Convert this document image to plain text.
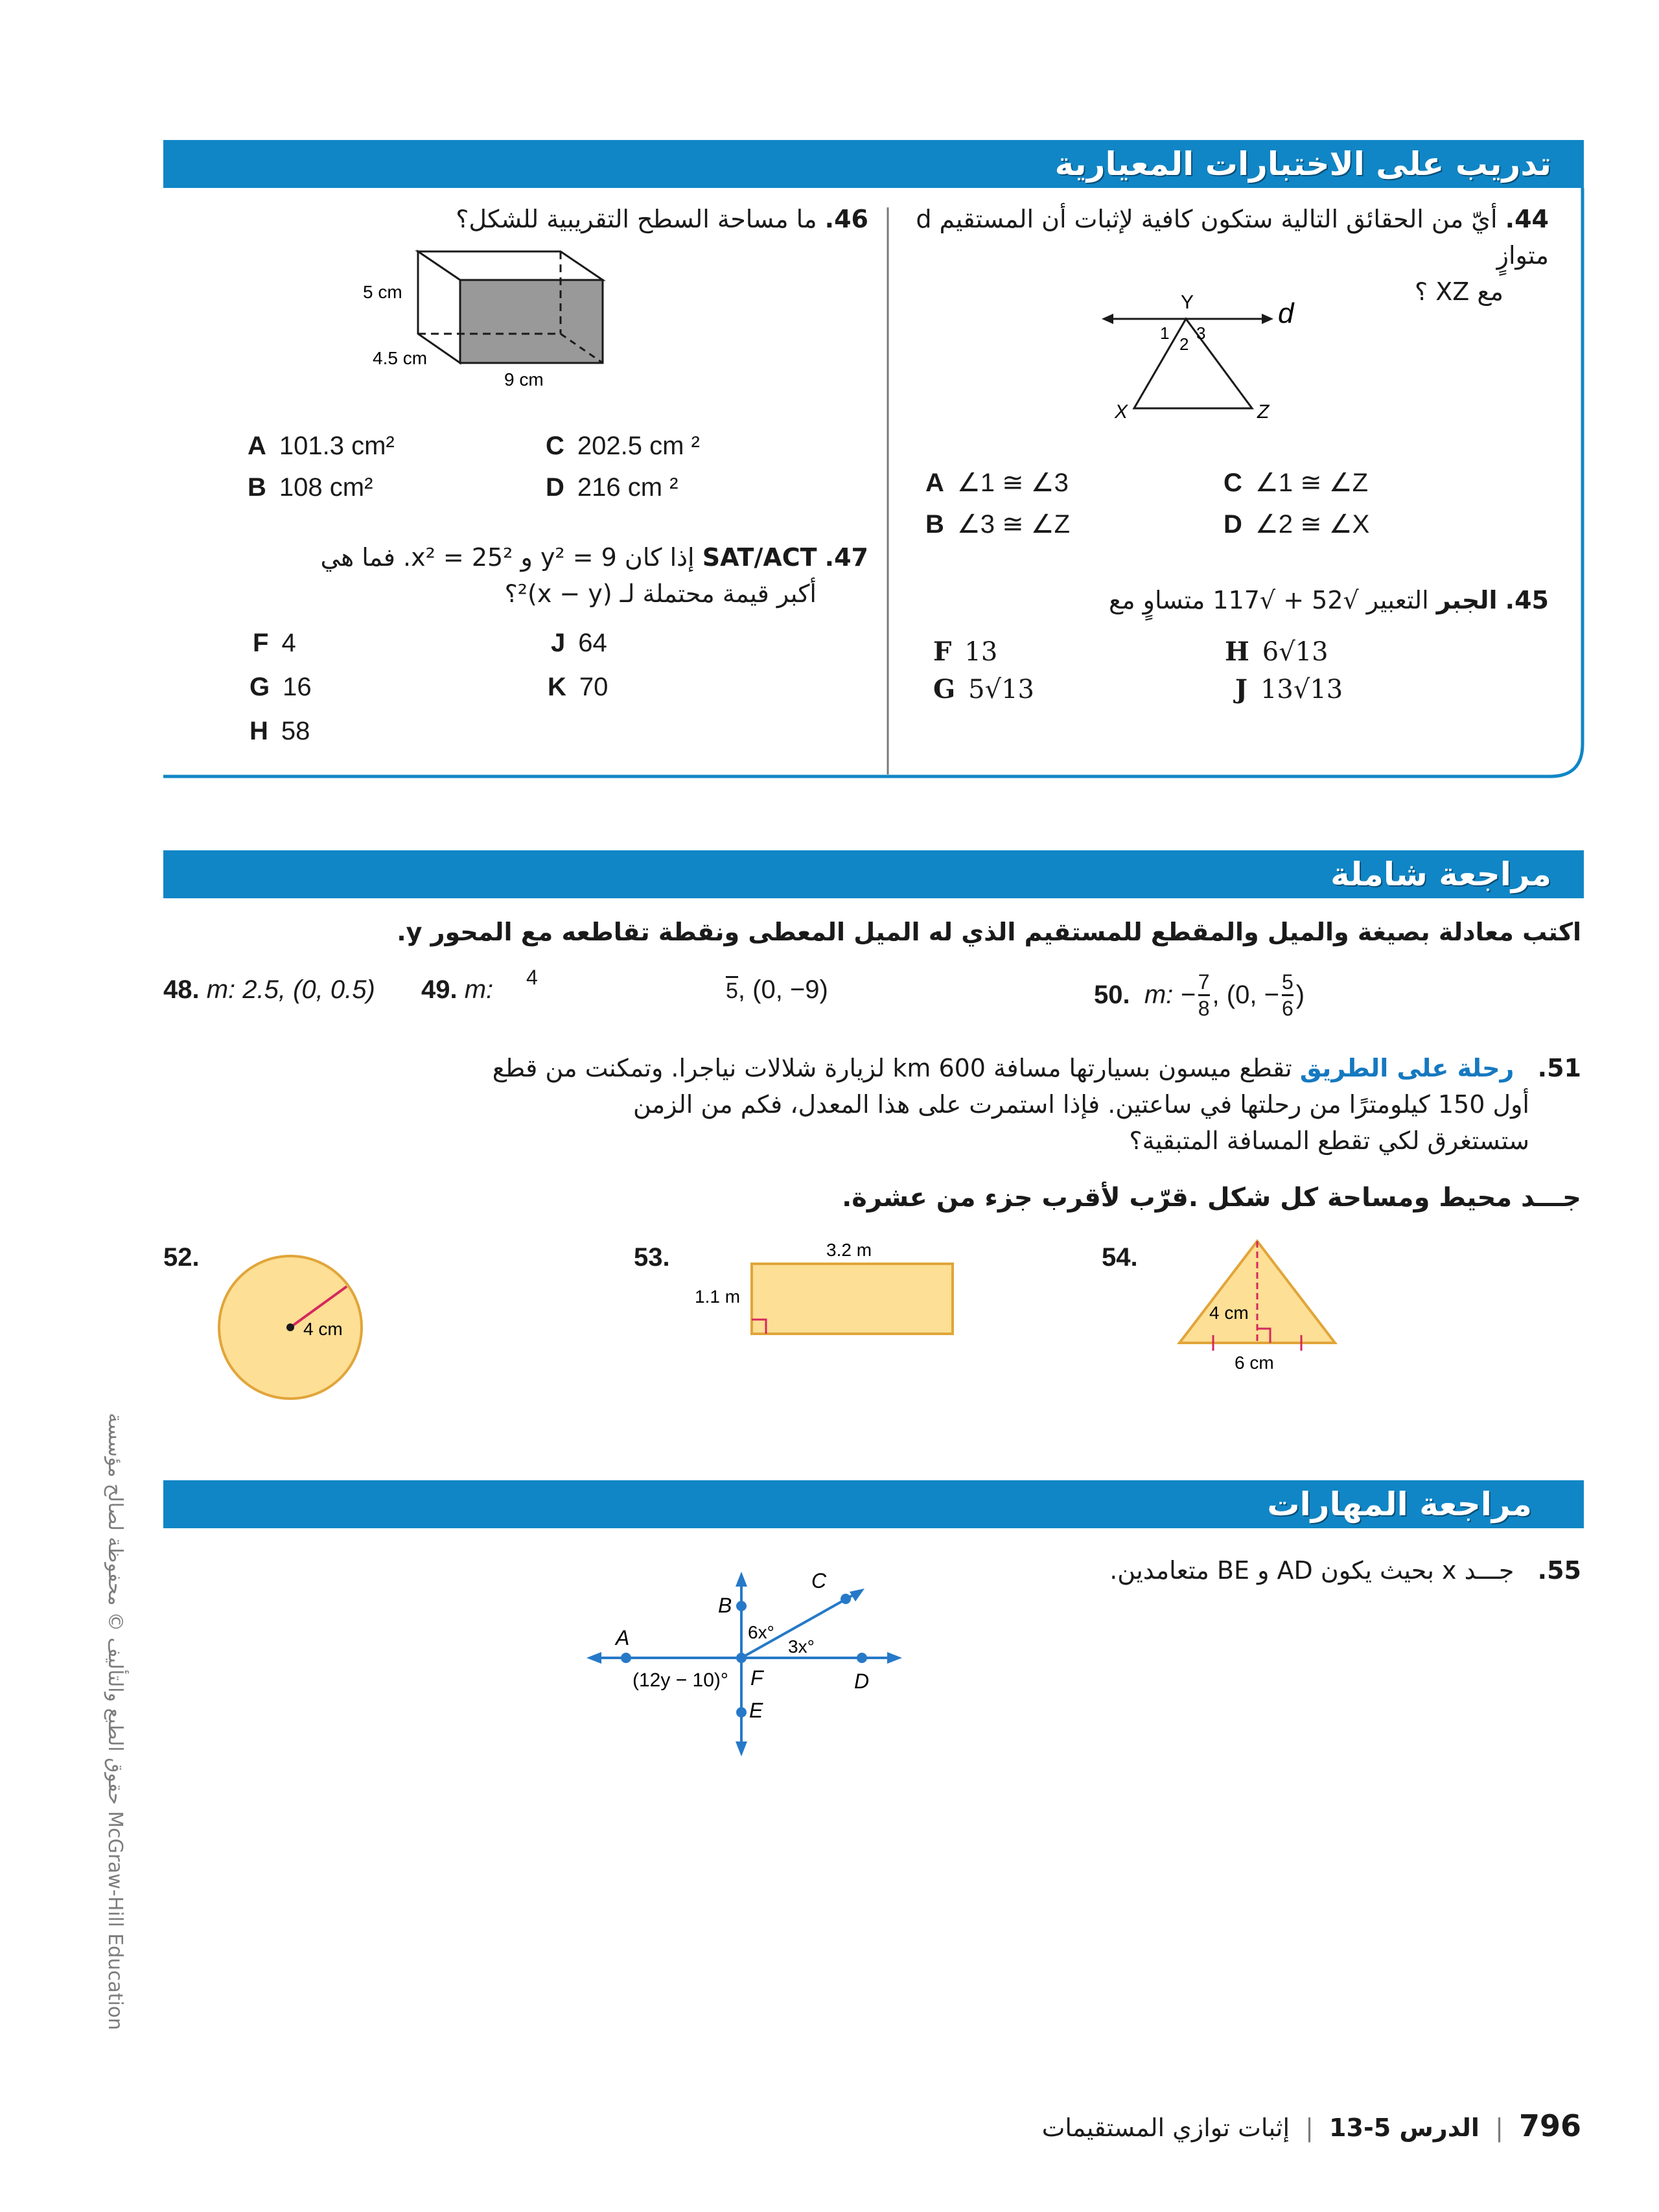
تدريب على الاختبارات المعيارية
44. أيّ من الحقائق التالية ستكون كافية لإثبات أن المستقيم d متوازٍ
مع XZ ؟
Y	d
1
2
3
X	Z
A ∠1 ≅ ∠3
B ∠3 ≅ ∠Z
C ∠1 ≅ ∠Z
D ∠2 ≅ ∠X
45. الجبر التعبير √52 + √117 متساوٍ مع
F 13
G 5√13
H 6√13
J 13√13
46. ما مساحة السطح التقريبية للشكل؟
5 cm
4.5 cm
9 cm
A 101.3 cm²
B 108 cm²
C 202.5 cm ²
D 216 cm ²
47. SAT/ACT إذا كان y² = 9 و x² = 25². فما هي
أكبر قيمة محتملة لـ (x − y)²؟
F 4
G 16
H 58
J 64
K 70
مراجعة شاملة
اكتب معادلة بصيغة والميل والمقطع للمستقيم الذي له الميل المعطى ونقطة تقاطعه مع المحور y.
48. m: 2.5, (0, 0.5) 49. m: 4
5, (0, −9)	50.
m: − $\frac{7}{8}$ , (0, − $\frac{5}{6}$ )
51.   رحلة على الطريق تقطع ميسون بسيارتها مسافة 600 km لزيارة شلالات نياجرا. وتمكنت من قطع
أول 150 كيلومترًا من رحلتها في ساعتين. فإذا استمرت على هذا المعدل، فكم من الزمن
ستستغرق لكي تقطع المسافة المتبقية؟
جـــد محيط ومساحة كل شكل .قرّب لأقرب جزء من عشرة.
52.
4 cm
53.	3.2 m
1.1 m
54.
4 cm
6 cm
مراجعة المهارات
55.   جـــد x بحيث يكون AD و BE متعامدين.
A
B
C
D
E
F
6x°
3x°
(12y − 10)°
حقوق الطبع والتأليف © محفوظة لصالح مؤسسة McGraw-Hill Education
796 | الدرس 5-13 | إثبات توازي المستقيمات
